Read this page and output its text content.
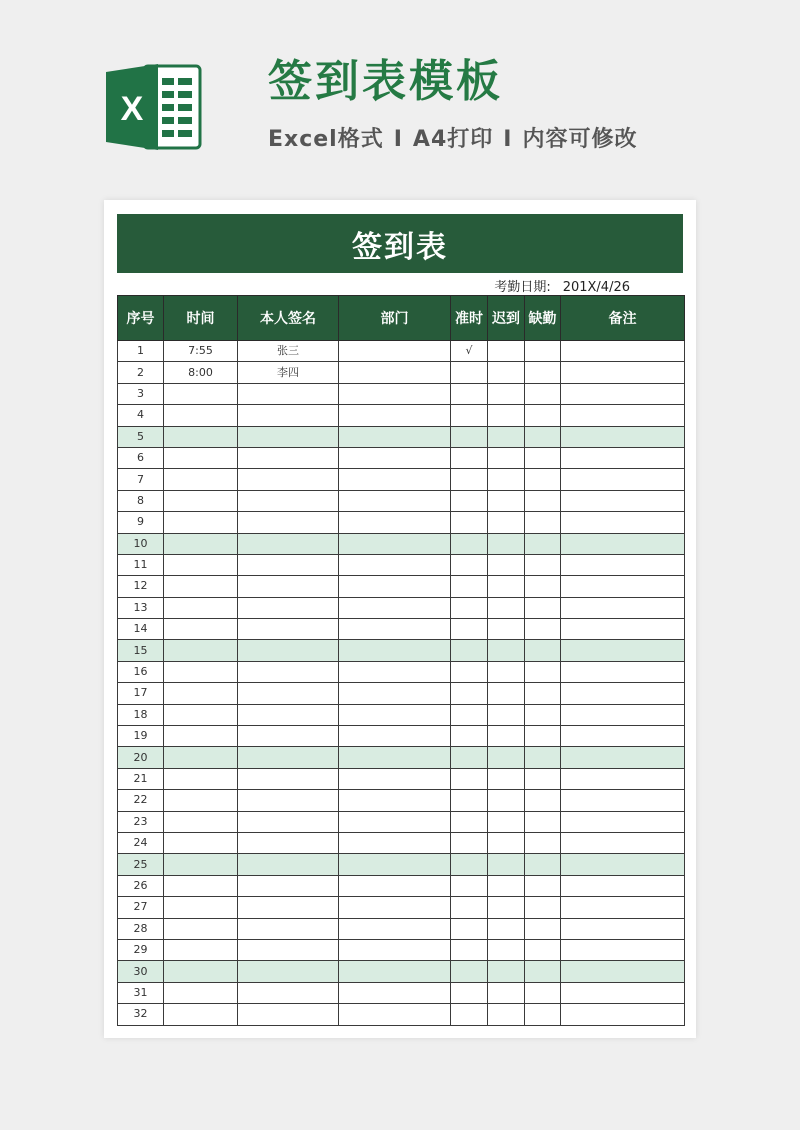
X
签到表模板

Excel格式 I A4打印 I 内容可修改

签到表
考勤日期: 201X/4/26
序号	时间	本人签名	部门	准时	迟到	缺勤	备注
1	7:55	张三		√			
2	8:00	李四					
3							
4							
5							
6							
7							
8							
9							
10							
11							
12							
13							
14							
15							
16							
17							
18							
19							
20							
21							
22							
23							
24							
25							
26							
27							
28							
29							
30							
31							
32							
